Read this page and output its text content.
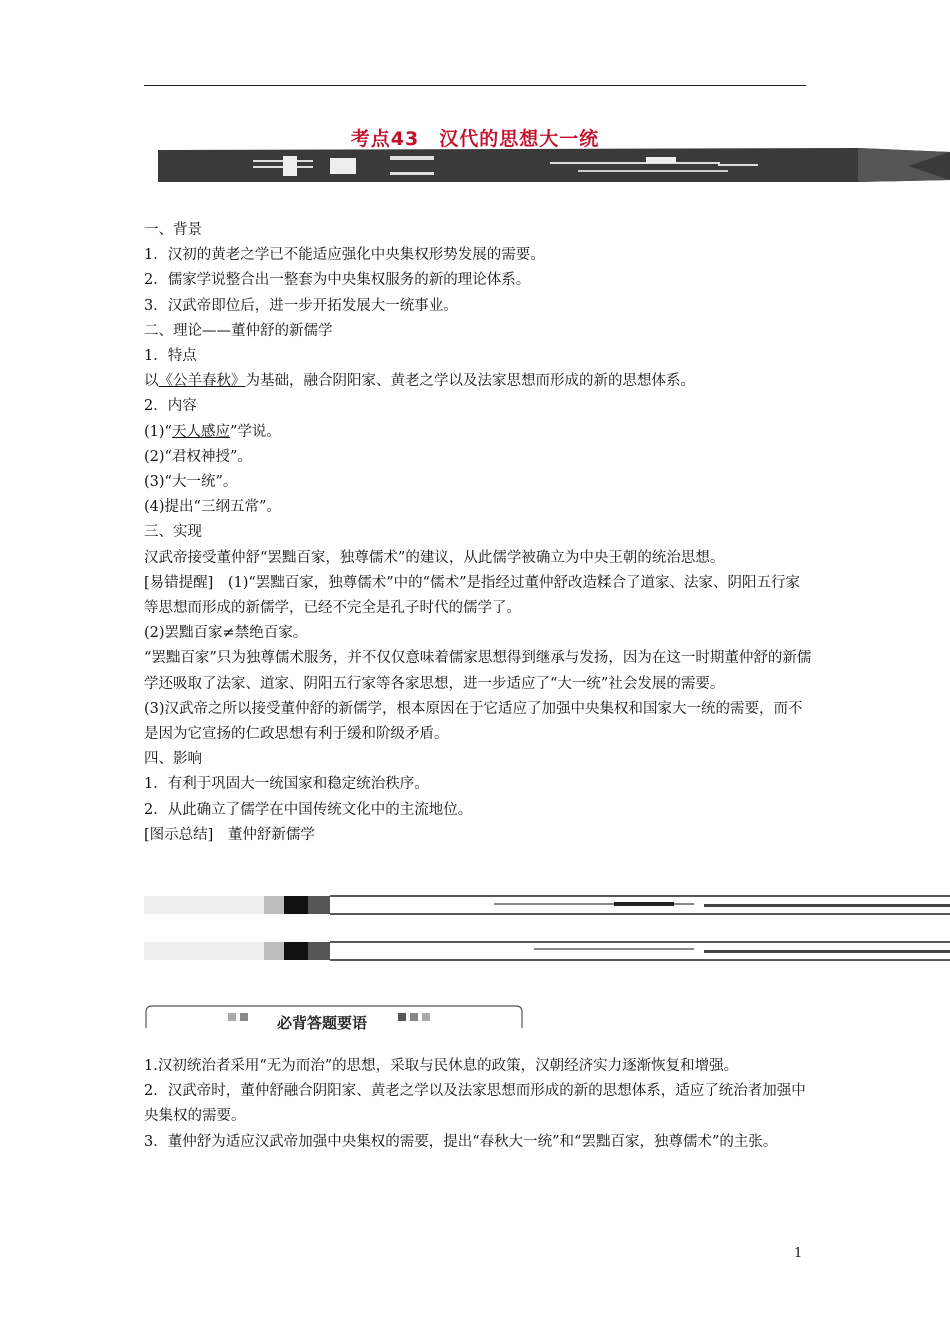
考点43　汉代的思想大一统

一、背景

1．汉初的黄老之学已不能适应强化中央集权形势发展的需要。

2．儒家学说整合出一整套为中央集权服务的新的理论体系。

3．汉武帝即位后，进一步开拓发展大一统事业。

二、理论——董仲舒的新儒学

1．特点

以《公羊春秋》为基础，融合阴阳家、黄老之学以及法家思想而形成的新的思想体系。

2．内容

(1)“天人感应”学说。

(2)“君权神授”。

(3)“大一统”。

(4)提出“三纲五常”。

三、实现

汉武帝接受董仲舒“罢黜百家，独尊儒术”的建议，从此儒学被确立为中央王朝的统治思想。

[易错提醒]　(1)“罢黜百家，独尊儒术”中的“儒术”是指经过董仲舒改造糅合了道家、法家、阴阳五行家等思想而形成的新儒学，已经不完全是孔子时代的儒学了。

(2)罢黜百家≠禁绝百家。

“罢黜百家”只为独尊儒术服务，并不仅仅意味着儒家思想得到继承与发扬，因为在这一时期董仲舒的新儒学还吸取了法家、道家、阴阳五行家等各家思想，进一步适应了“大一统”社会发展的需要。

(3)汉武帝之所以接受董仲舒的新儒学，根本原因在于它适应了加强中央集权和国家大一统的需要，而不是因为它宣扬的仁政思想有利于缓和阶级矛盾。

四、影响

1．有利于巩固大一统国家和稳定统治秩序。

2．从此确立了儒学在中国传统文化中的主流地位。

[图示总结]　董仲舒新儒学

必背答题要语

1.汉初统治者采用“无为而治”的思想，采取与民休息的政策，汉朝经济实力逐渐恢复和增强。

2．汉武帝时，董仲舒融合阴阳家、黄老之学以及法家思想而形成的新的思想体系，适应了统治者加强中央集权的需要。

3．董仲舒为适应汉武帝加强中央集权的需要，提出“春秋大一统”和“罢黜百家，独尊儒术”的主张。

1
